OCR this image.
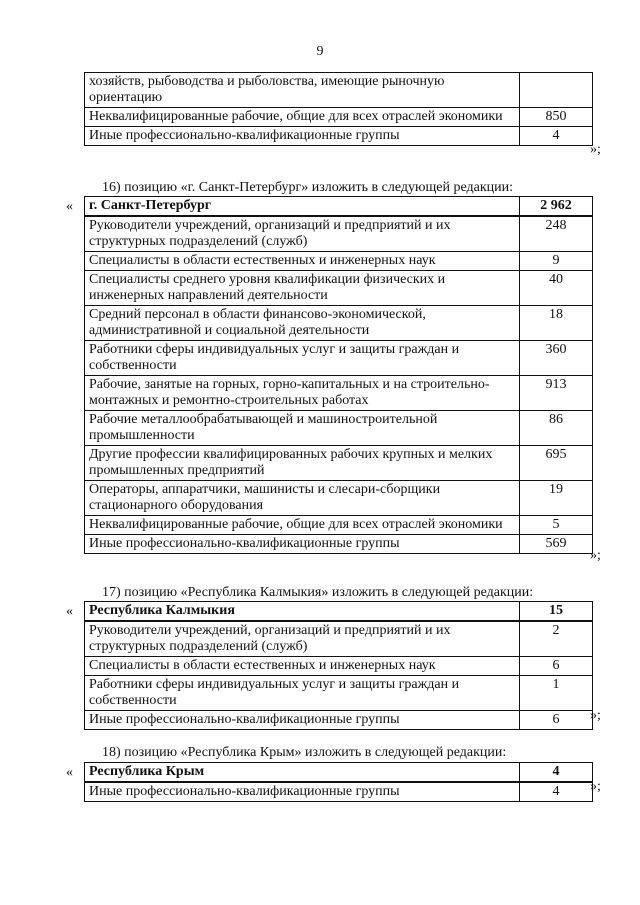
9
хозяйств, рыбоводства и рыболовства, имеющие рыночную ориентацию	
Неквалифицированные рабочие, общие для всех отраслей экономики	850
Иные профессионально-квалификационные группы	4
»;
16) позицию «г. Санкт-Петербург» изложить в следующей редакции:
« г. Санкт-Петербург	2 962
Руководители учреждений, организаций и предприятий и их структурных подразделений (служб)	248
Специалисты в области естественных и инженерных наук	9
Специалисты среднего уровня квалификации физических и инженерных направлений деятельности	40
Средний персонал в области финансово-экономической, административной и социальной деятельности	18
Работники сферы индивидуальных услуг и защиты граждан и собственности	360
Рабочие, занятые на горных, горно-капитальных и на строительно-монтажных и ремонтно-строительных работах	913
Рабочие металлообрабатывающей и машиностроительной промышленности	86
Другие профессии квалифицированных рабочих крупных и мелких промышленных предприятий	695
Операторы, аппаратчики, машинисты и слесари-сборщики стационарного оборудования	19
Неквалифицированные рабочие, общие для всех отраслей экономики	5
Иные профессионально-квалификационные группы	569
»;
17) позицию «Республика Калмыкия» изложить в следующей редакции:
« Республика Калмыкия	15
Руководители учреждений, организаций и предприятий и их структурных подразделений (служб)	2
Специалисты в области естественных и инженерных наук	6
Работники сферы индивидуальных услуг и защиты граждан и собственности	1
Иные профессионально-квалификационные группы	6 »;
18) позицию «Республика Крым» изложить в следующей редакции:
« Республика Крым	4
Иные профессионально-квалификационные группы	4 »;
